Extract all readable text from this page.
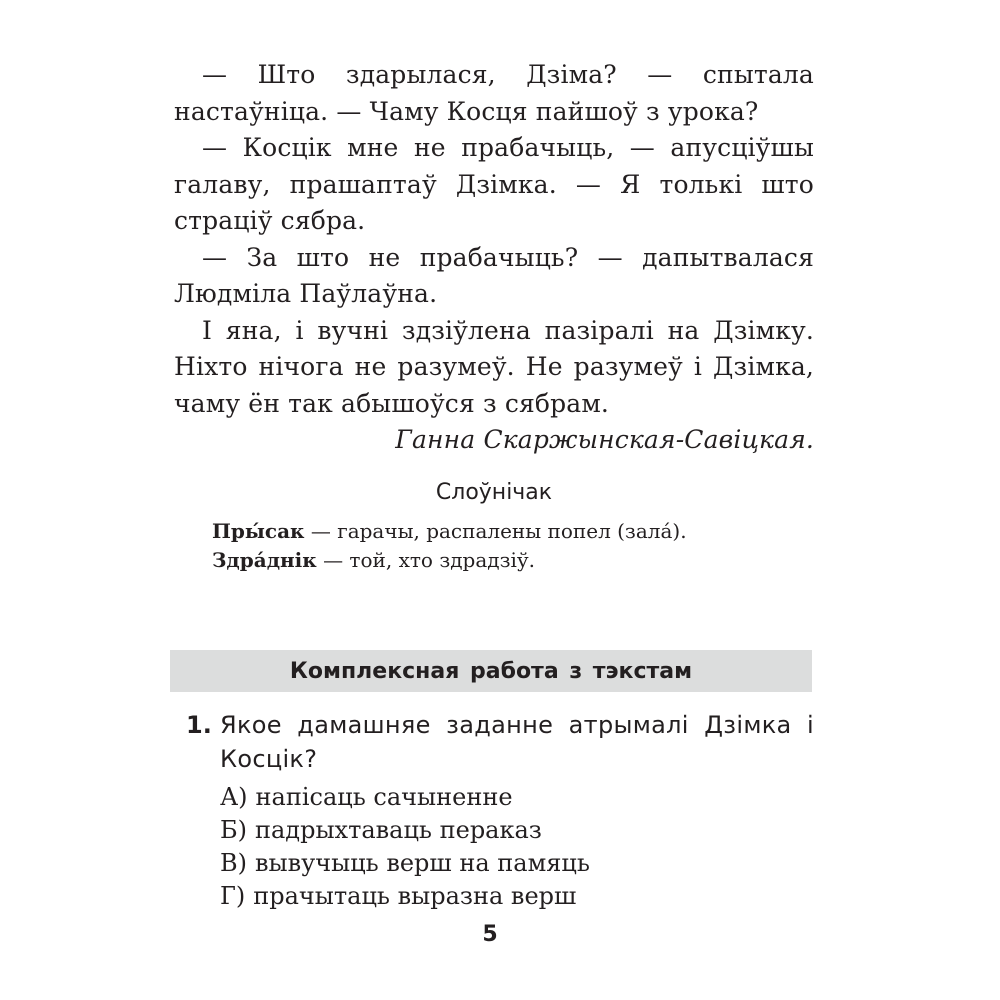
— Што здарылася, Дзіма? — спытала настаўніца. — Чаму Косця пайшоў з урока?

— Косцік мне не прабачыць, — апусціўшы галаву, прашаптаў Дзімка. — Я толькі што страціў сябра.

— За што не прабачыць? — дапытвалася Людміла Паўлаўна.

І яна, і вучні здзіўлена пазіралі на Дзімку. Ніхто нічога не разумеў. Не разумеў і Дзімка, чаму ён так абышоўся з сябрам.

Ганна Скаржынская-Савіцкая.

Слоўнічак

Пры́сак — гарачы, распалены попел (зала́).

Здра́днік — той, хто здрадзіў.

Комплексная работа з тэкстам
1. Якое дамашняе заданне атрымалі Дзімка і Косцік?
А) напісаць сачыненне
Б) падрыхтаваць пераказ
В) вывучыць верш на памяць
Г) прачытаць выразна верш
5
